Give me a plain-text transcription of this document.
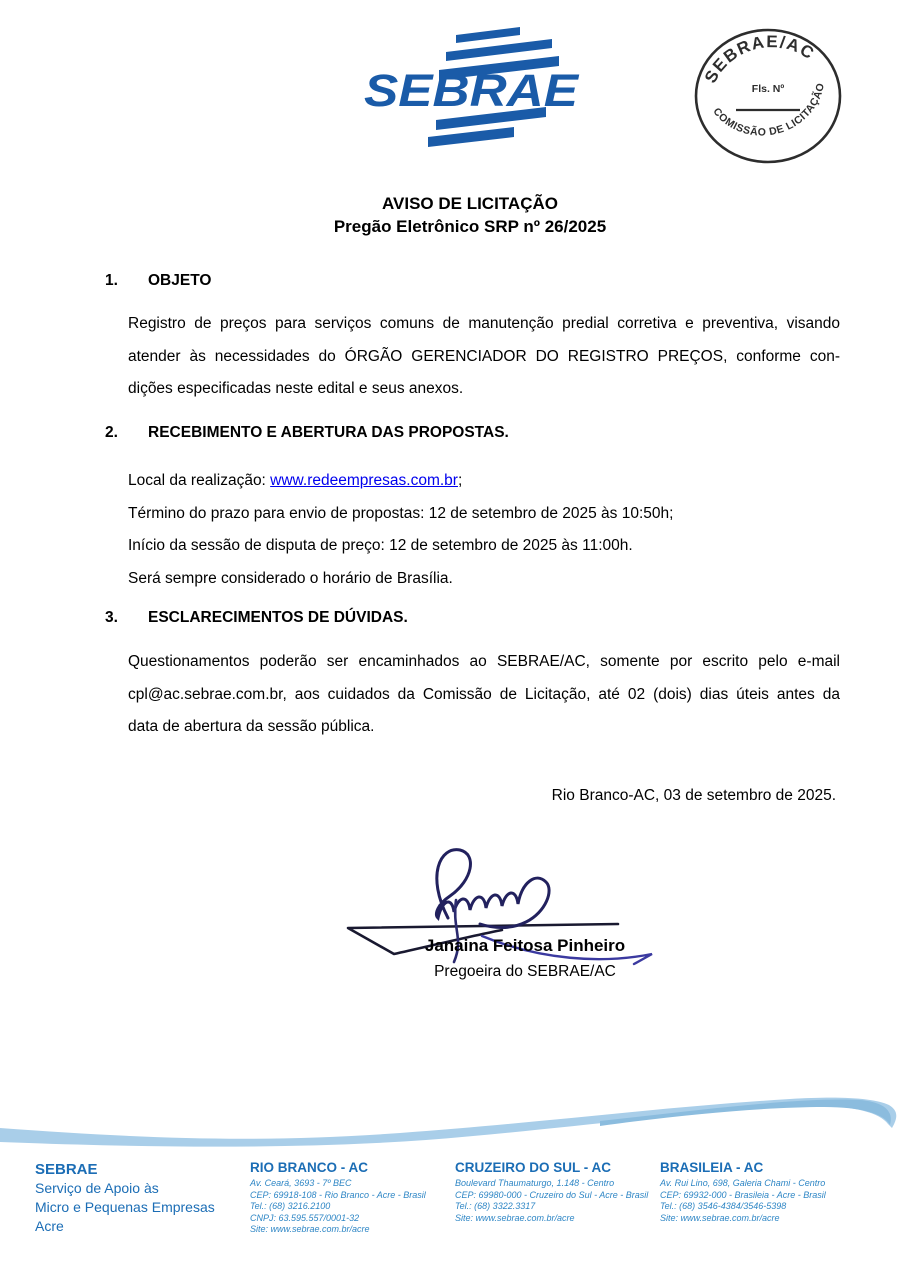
SEBRAE	SEBRAE/AC
COMISSÃO DE LICITAÇÃO
Fls. Nº
AVISO DE LICITAÇÃO
Pregão Eletrônico SRP nº 26/2025
1.	OBJETO
Registro de preços para serviços comuns de manutenção predial corretiva e preventiva, visando
atender às necessidades do ÓRGÃO GERENCIADOR DO REGISTRO PREÇOS, conforme con-
dições especificadas neste edital e seus anexos.
2.	RECEBIMENTO E ABERTURA DAS PROPOSTAS.
Local da realização: www.redeempresas.com.br;
Término do prazo para envio de propostas: 12 de setembro de 2025 às 10:50h;
Início da sessão de disputa de preço: 12 de setembro de 2025 às 11:00h.
Será sempre considerado o horário de Brasília.
3.	ESCLARECIMENTOS DE DÚVIDAS.
Questionamentos poderão ser encaminhados ao SEBRAE/AC, somente por escrito pelo e-mail
cpl@ac.sebrae.com.br, aos cuidados da Comissão de Licitação, até 02 (dois) dias úteis antes da
data de abertura da sessão pública.
Rio Branco-AC, 03 de setembro de 2025.
Janaina Feitosa Pinheiro
Pregoeira do SEBRAE/AC
SEBRAE
Serviço de Apoio às
Micro e Pequenas Empresas
Acre
RIO BRANCO - AC
Av. Ceará, 3693 - 7º BEC
CEP: 69918-108 - Rio Branco - Acre - Brasil
Tel.: (68) 3216.2100
CNPJ: 63.595.557/0001-32
Site: www.sebrae.com.br/acre
CRUZEIRO DO SUL - AC
Boulevard Thaumaturgo, 1.148 - Centro
CEP: 69980-000 - Cruzeiro do Sul - Acre - Brasil
Tel.: (68) 3322.3317
Site: www.sebrae.com.br/acre
BRASILEIA - AC
Av. Rui Lino, 698, Galeria Chami - Centro
CEP: 69932-000 - Brasileia - Acre - Brasil
Tel.: (68) 3546-4384/3546-5398
Site: www.sebrae.com.br/acre
